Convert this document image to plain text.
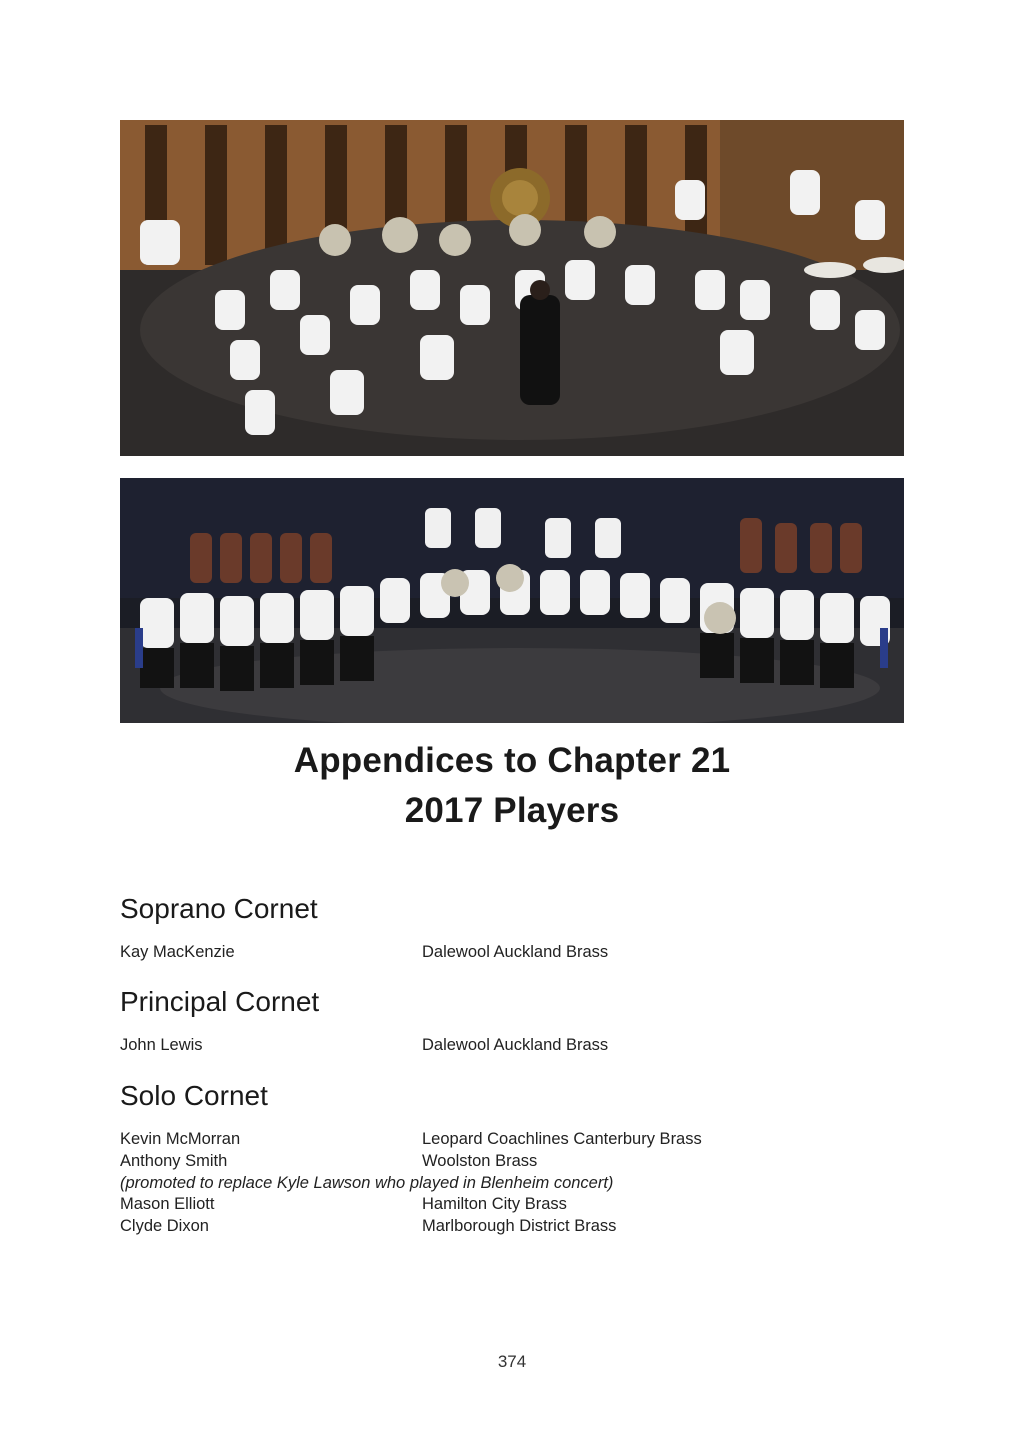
Appendices to Chapter 21
2017 Players
Soprano Cornet
Kay MacKenzie	Dalewool Auckland Brass
Principal Cornet
John Lewis	Dalewool Auckland Brass
Solo Cornet
Kevin McMorran	Leopard Coachlines Canterbury Brass
Anthony Smith	Woolston Brass
(promoted to replace Kyle Lawson who played in Blenheim concert)
Mason Elliott	Hamilton City Brass
Clyde Dixon	Marlborough District Brass
374
